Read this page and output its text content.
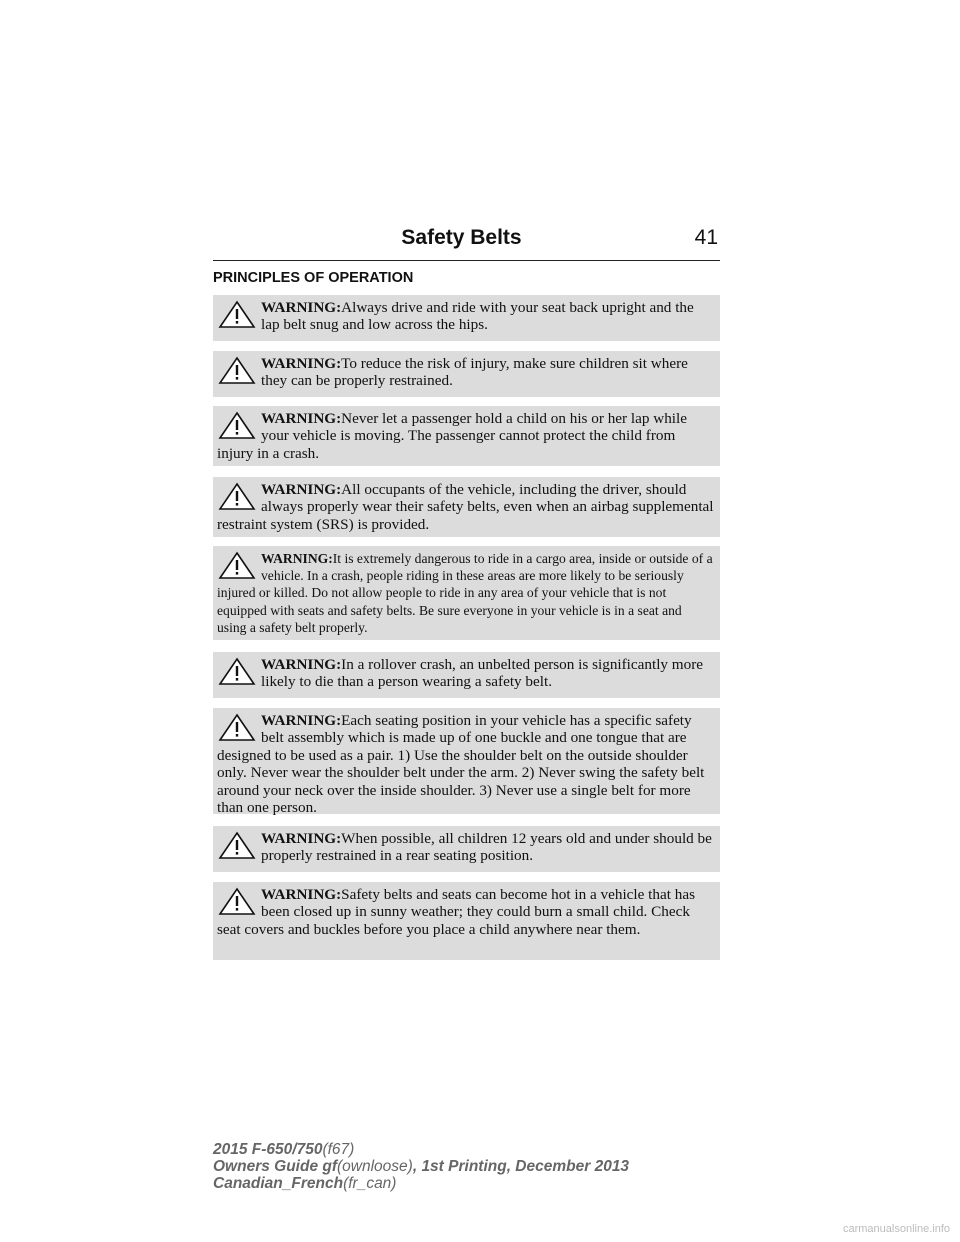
Safety Belts	41
PRINCIPLES OF OPERATION
WARNING:Always drive and ride with your seat back upright and the lap belt snug and low across the hips.
WARNING:To reduce the risk of injury, make sure children sit where they can be properly restrained.
WARNING:Never let a passenger hold a child on his or her lap while your vehicle is moving. The passenger cannot protect the child from injury in a crash.
WARNING:All occupants of the vehicle, including the driver, should always properly wear their safety belts, even when an airbag supplemental restraint system (SRS) is provided.
WARNING:It is extremely dangerous to ride in a cargo area, inside or outside of a vehicle. In a crash, people riding in these areas are more likely to be seriously injured or killed. Do not allow people to ride in any area of your vehicle that is not equipped with seats and safety belts. Be sure everyone in your vehicle is in a seat and using a safety belt properly.
WARNING:In a rollover crash, an unbelted person is significantly more likely to die than a person wearing a safety belt.
WARNING:Each seating position in your vehicle has a specific safety belt assembly which is made up of one buckle and one tongue that are designed to be used as a pair. 1) Use the shoulder belt on the outside shoulder only. Never wear the shoulder belt under the arm. 2) Never swing the safety belt around your neck over the inside shoulder. 3) Never use a single belt for more than one person.
WARNING:When possible, all children 12 years old and under should be properly restrained in a rear seating position.
WARNING:Safety belts and seats can become hot in a vehicle that has been closed up in sunny weather; they could burn a small child. Check seat covers and buckles before you place a child anywhere near them.
2015 F-650/750(f67)
Owners Guide gf(ownloose), 1st Printing, December 2013
Canadian_French(fr_can)
carmanualsonline.info
